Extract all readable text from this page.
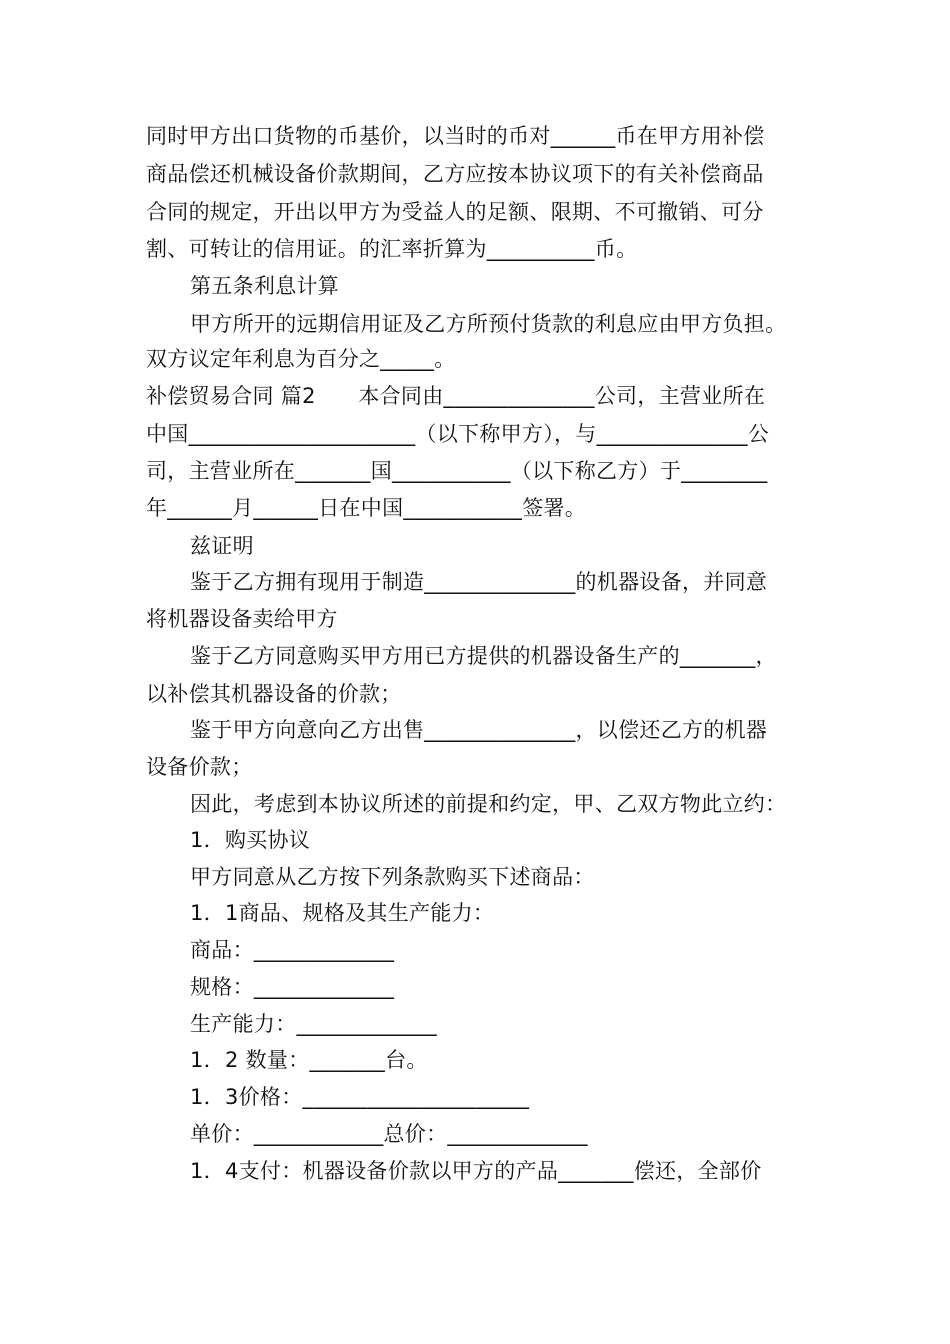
同时甲方出口货物的币基价，以当时的币对______币在甲方用补偿
商品偿还机械设备价款期间，乙方应按本协议项下的有关补偿商品
合同的规定，开出以甲方为受益人的足额、限期、不可撤销、可分
割、可转让的信用证。的汇率折算为__________币。
第五条利息计算
甲方所开的远期信用证及乙方所预付货款的利息应由甲方负担。
双方议定年利息为百分之_____。
补偿贸易合同 篇2　　本合同由______________公司，主营业所在
中国_____________________（以下称甲方），与______________公
司，主营业所在_______国___________（以下称乙方）于________
年______月______日在中国___________签署。
兹证明
鉴于乙方拥有现用于制造______________的机器设备，并同意
将机器设备卖给甲方
鉴于乙方同意购买甲方用已方提供的机器设备生产的_______，
以补偿其机器设备的价款；
鉴于甲方向意向乙方出售______________，以偿还乙方的机器
设备价款；
因此，考虑到本协议所述的前提和约定，甲、乙双方物此立约：
1．购买协议
甲方同意从乙方按下列条款购买下述商品：
1．1商品、规格及其生产能力：
商品：_____________
规格：_____________
生产能力：_____________
1．2 数量：_______台。
1．3价格：_____________________
单价：____________总价：_____________
1．4支付：机器设备价款以甲方的产品_______偿还，全部价
